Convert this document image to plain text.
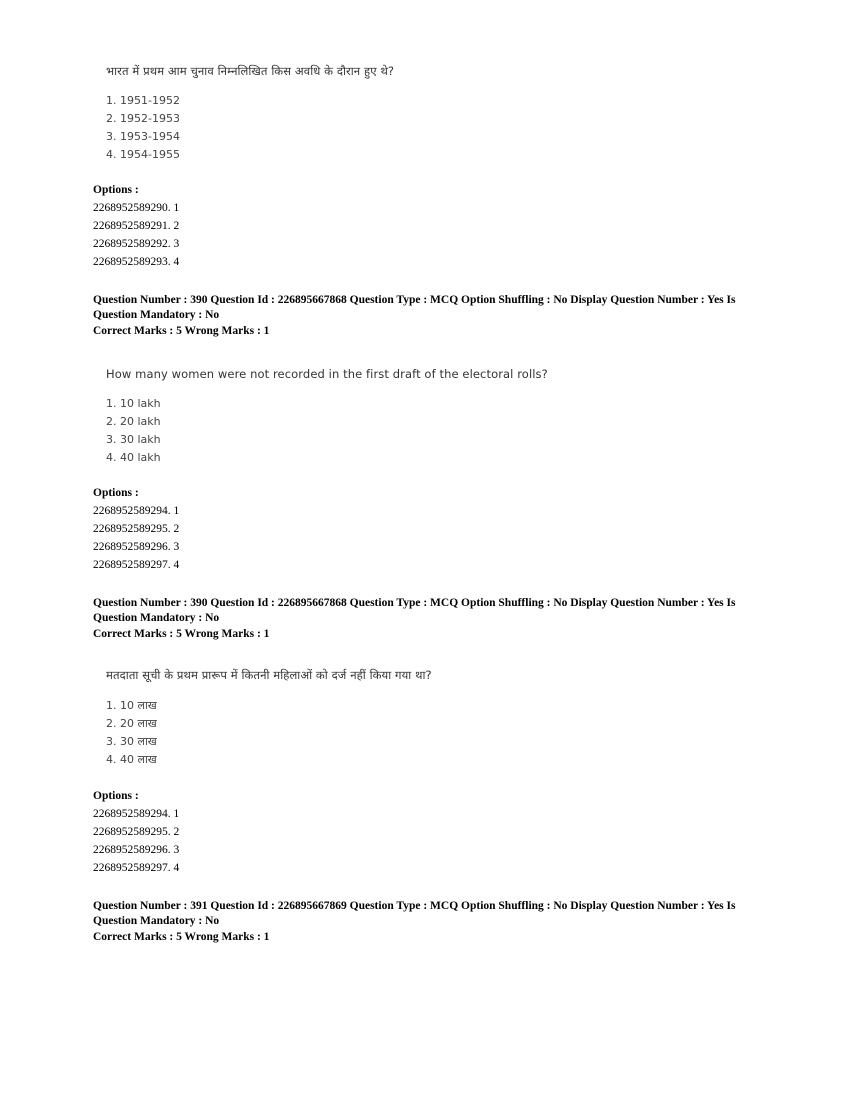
भारत में प्रथम आम चुनाव निम्नलिखित किस अवधि के दौरान हुए थे?
1. 1951-1952
2. 1952-1953
3. 1953-1954
4. 1954-1955
Options :
2268952589290. 1
2268952589291. 2
2268952589292. 3
2268952589293. 4
Question Number : 390 Question Id : 226895667868 Question Type : MCQ Option Shuffling : No Display Question Number : Yes Is Question Mandatory : No
Correct Marks : 5 Wrong Marks : 1
How many women were not recorded in the first draft of the electoral rolls?
1. 10 lakh
2. 20 lakh
3. 30 lakh
4. 40 lakh
Options :
2268952589294. 1
2268952589295. 2
2268952589296. 3
2268952589297. 4
Question Number : 390 Question Id : 226895667868 Question Type : MCQ Option Shuffling : No Display Question Number : Yes Is Question Mandatory : No
Correct Marks : 5 Wrong Marks : 1
मतदाता सूची के प्रथम प्रारूप में कितनी महिलाओं को दर्ज नहीं किया गया था?
1. 10 लाख
2. 20 लाख
3. 30 लाख
4. 40 लाख
Options :
2268952589294. 1
2268952589295. 2
2268952589296. 3
2268952589297. 4
Question Number : 391 Question Id : 226895667869 Question Type : MCQ Option Shuffling : No Display Question Number : Yes Is Question Mandatory : No
Correct Marks : 5 Wrong Marks : 1
